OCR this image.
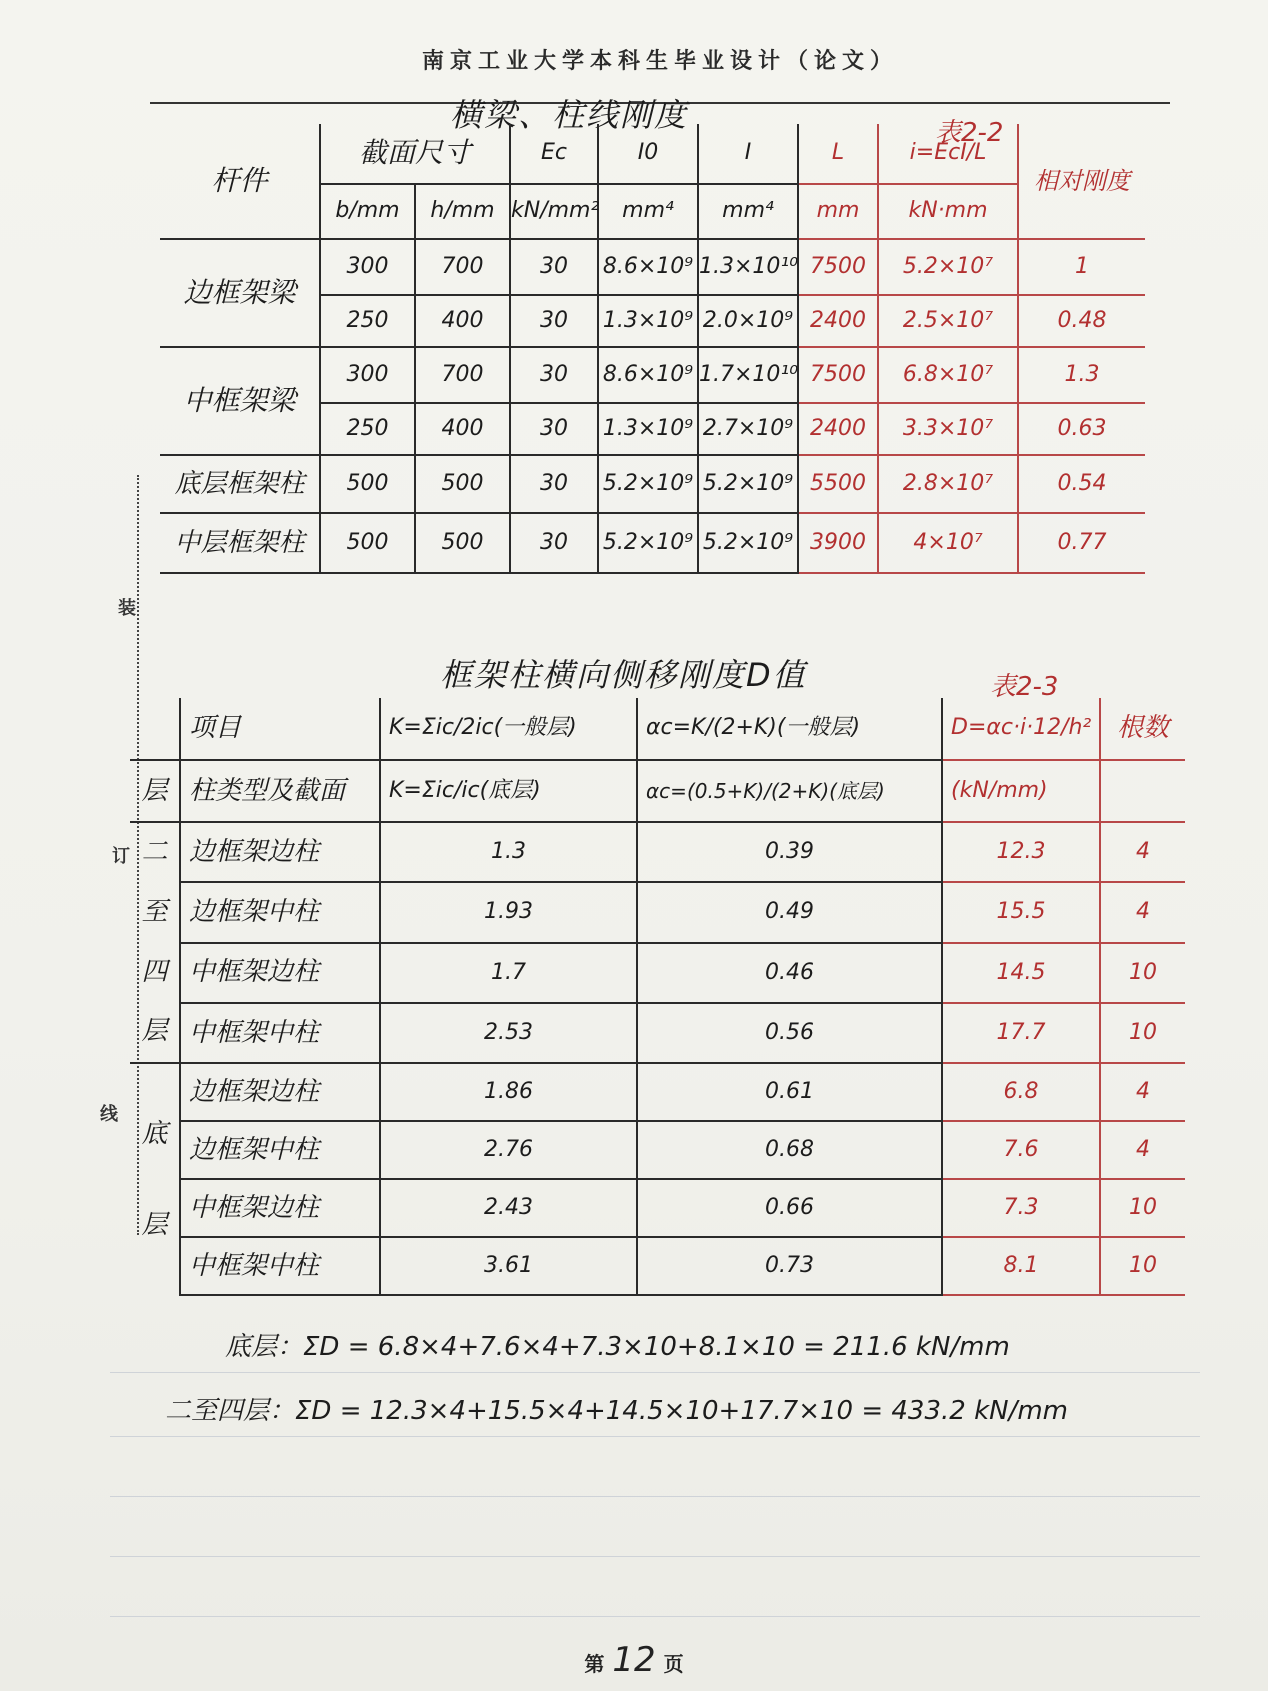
南京工业大学本科生毕业设计（论文）
装
订
线
横梁、柱线刚度	表2-2
杆件	截面尺寸		Ec	I0	I	L	i=EcI/L	相对刚度
	b/mm	h/mm	kN/mm²	mm⁴	mm⁴	mm	kN·mm	
边框架梁	300	700	30	8.6×10⁹	1.3×10¹⁰	7500	5.2×10⁷	1
	250	400	30	1.3×10⁹	2.0×10⁹	2400	2.5×10⁷	0.48
中框架梁	300	700	30	8.6×10⁹	1.7×10¹⁰	7500	6.8×10⁷	1.3
	250	400	30	1.3×10⁹	2.7×10⁹	2400	3.3×10⁷	0.63
底层框架柱	500	500	30	5.2×10⁹	5.2×10⁹	5500	2.8×10⁷	0.54
中层框架柱	500	500	30	5.2×10⁹	5.2×10⁹	3900	4×10⁷	0.77
框架柱横向侧移刚度D值	表2-3
	项目	K=Σic/2ic(一般层)	αc=K/(2+K)(一般层)	D=αc·i·12/h²	根数
层	柱类型及截面	K=Σic/ic(底层)	αc=(0.5+K)/(2+K)(底层)	(kN/mm)	
二
至
四
层	边框架边柱	1.3	0.39	12.3	4
	边框架中柱	1.93	0.49	15.5	4
	中框架边柱	1.7	0.46	14.5	10
	中框架中柱	2.53	0.56	17.7	10
底
层	边框架边柱	1.86	0.61	6.8	4
	边框架中柱	2.76	0.68	7.6	4
	中框架边柱	2.43	0.66	7.3	10
	中框架中柱	3.61	0.73	8.1	10
底层：ΣD = 6.8×4+7.6×4+7.3×10+8.1×10 = 211.6 kN/mm
二至四层：ΣD = 12.3×4+15.5×4+14.5×10+17.7×10 = 433.2 kN/mm
第 12 页
